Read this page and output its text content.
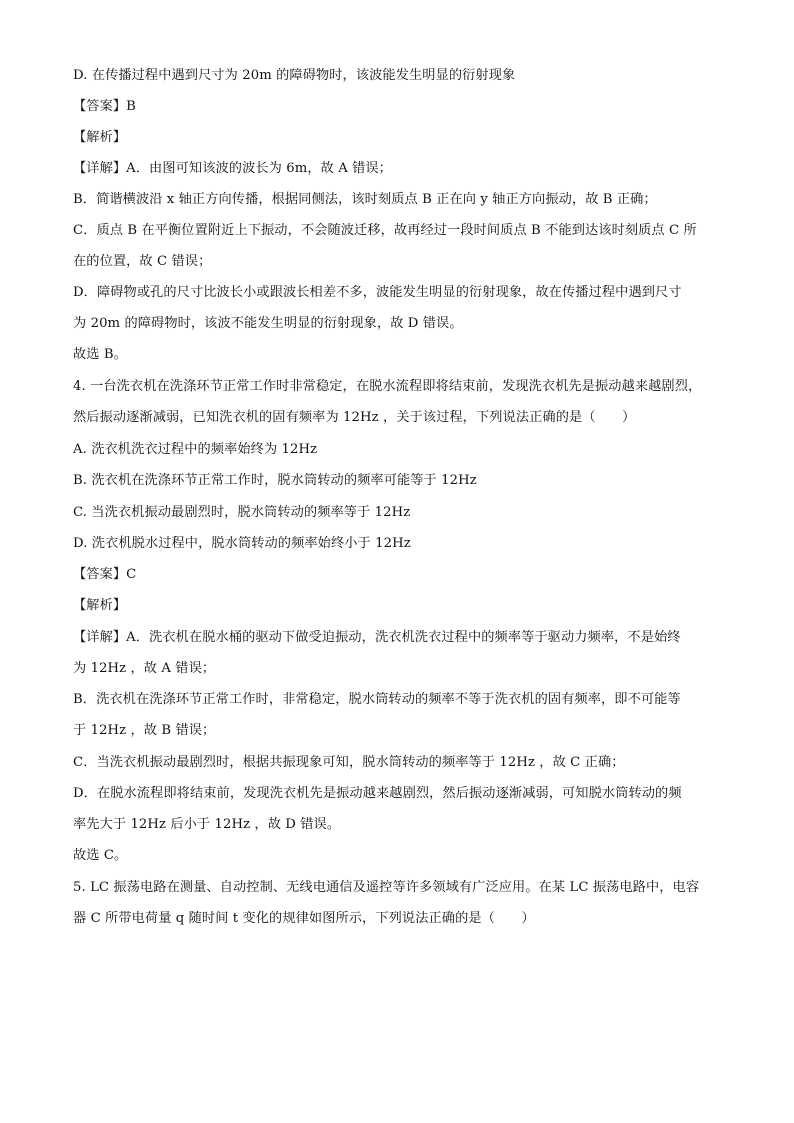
D. 在传播过程中遇到尺寸为 20m 的障碍物时，该波能发生明显的衍射现象
【答案】B
【解析】
【详解】A．由图可知该波的波长为 6m，故 A 错误；
B．简谐横波沿 x 轴正方向传播，根据同侧法，该时刻质点 B 正在向 y 轴正方向振动，故 B 正确；
C．质点 B 在平衡位置附近上下振动，不会随波迁移，故再经过一段时间质点 B 不能到达该时刻质点 C 所
在的位置，故 C 错误；
D．障碍物或孔的尺寸比波长小或跟波长相差不多，波能发生明显的衍射现象，故在传播过程中遇到尺寸
为 20m 的障碍物时，该波不能发生明显的衍射现象，故 D 错误。
故选 B。
4. 一台洗衣机在洗涤环节正常工作时非常稳定，在脱水流程即将结束前，发现洗衣机先是振动越来越剧烈，
然后振动逐渐减弱，已知洗衣机的固有频率为 12Hz ，关于该过程，下列说法正确的是（　　）
A. 洗衣机洗衣过程中的频率始终为 12Hz
B. 洗衣机在洗涤环节正常工作时，脱水筒转动的频率可能等于 12Hz
C. 当洗衣机振动最剧烈时，脱水筒转动的频率等于 12Hz
D. 洗衣机脱水过程中，脱水筒转动的频率始终小于 12Hz
【答案】C
【解析】
【详解】A．洗衣机在脱水桶的驱动下做受迫振动，洗衣机洗衣过程中的频率等于驱动力频率，不是始终
为 12Hz ，故 A 错误；
B．洗衣机在洗涤环节正常工作时，非常稳定，脱水筒转动的频率不等于洗衣机的固有频率，即不可能等
于 12Hz ，故 B 错误；
C．当洗衣机振动最剧烈时，根据共振现象可知，脱水筒转动的频率等于 12Hz ，故 C 正确；
D．在脱水流程即将结束前，发现洗衣机先是振动越来越剧烈，然后振动逐渐减弱，可知脱水筒转动的频
率先大于 12Hz 后小于 12Hz ，故 D 错误。
故选 C。
5. LC 振荡电路在测量、自动控制、无线电通信及遥控等许多领域有广泛应用。在某 LC 振荡电路中，电容
器 C 所带电荷量 q 随时间 t 变化的规律如图所示，下列说法正确的是（　　）
